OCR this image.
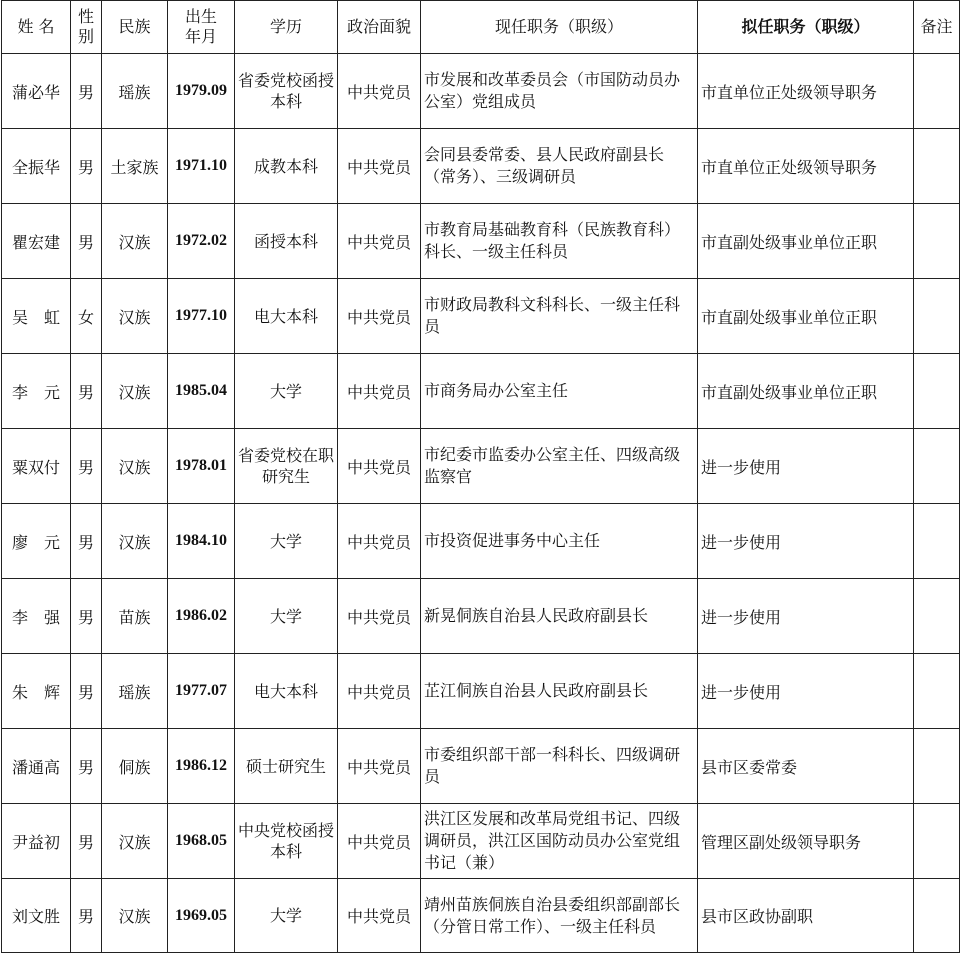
姓 名	性别	民族	出生年月	学历	政治面貌	现任职务（职级）	拟任职务（职级）	备注
蒲必华	男	瑶族	1979.09	省委党校函授本科	中共党员	市发展和改革委员会（市国防动员办公室）党组成员	市直单位正处级领导职务	
全振华	男	土家族	1971.10	成教本科	中共党员	会同县委常委、县人民政府副县长（常务）、三级调研员	市直单位正处级领导职务	
瞿宏建	男	汉族	1972.02	函授本科	中共党员	市教育局基础教育科（民族教育科）科长、一级主任科员	市直副处级事业单位正职	
吴　虹	女	汉族	1977.10	电大本科	中共党员	市财政局教科文科科长、一级主任科员	市直副处级事业单位正职	
李　元	男	汉族	1985.04	大学	中共党员	市商务局办公室主任	市直副处级事业单位正职	
粟双付	男	汉族	1978.01	省委党校在职研究生	中共党员	市纪委市监委办公室主任、四级高级监察官	进一步使用	
廖　元	男	汉族	1984.10	大学	中共党员	市投资促进事务中心主任	进一步使用	
李　强	男	苗族	1986.02	大学	中共党员	新晃侗族自治县人民政府副县长	进一步使用	
朱　辉	男	瑶族	1977.07	电大本科	中共党员	芷江侗族自治县人民政府副县长	进一步使用	
潘通高	男	侗族	1986.12	硕士研究生	中共党员	市委组织部干部一科科长、四级调研员	县市区委常委	
尹益初	男	汉族	1968.05	中央党校函授本科	中共党员	洪江区发展和改革局党组书记、四级调研员，洪江区国防动员办公室党组书记（兼）	管理区副处级领导职务	
刘文胜	男	汉族	1969.05	大学	中共党员	靖州苗族侗族自治县委组织部副部长（分管日常工作）、一级主任科员	县市区政协副职	
